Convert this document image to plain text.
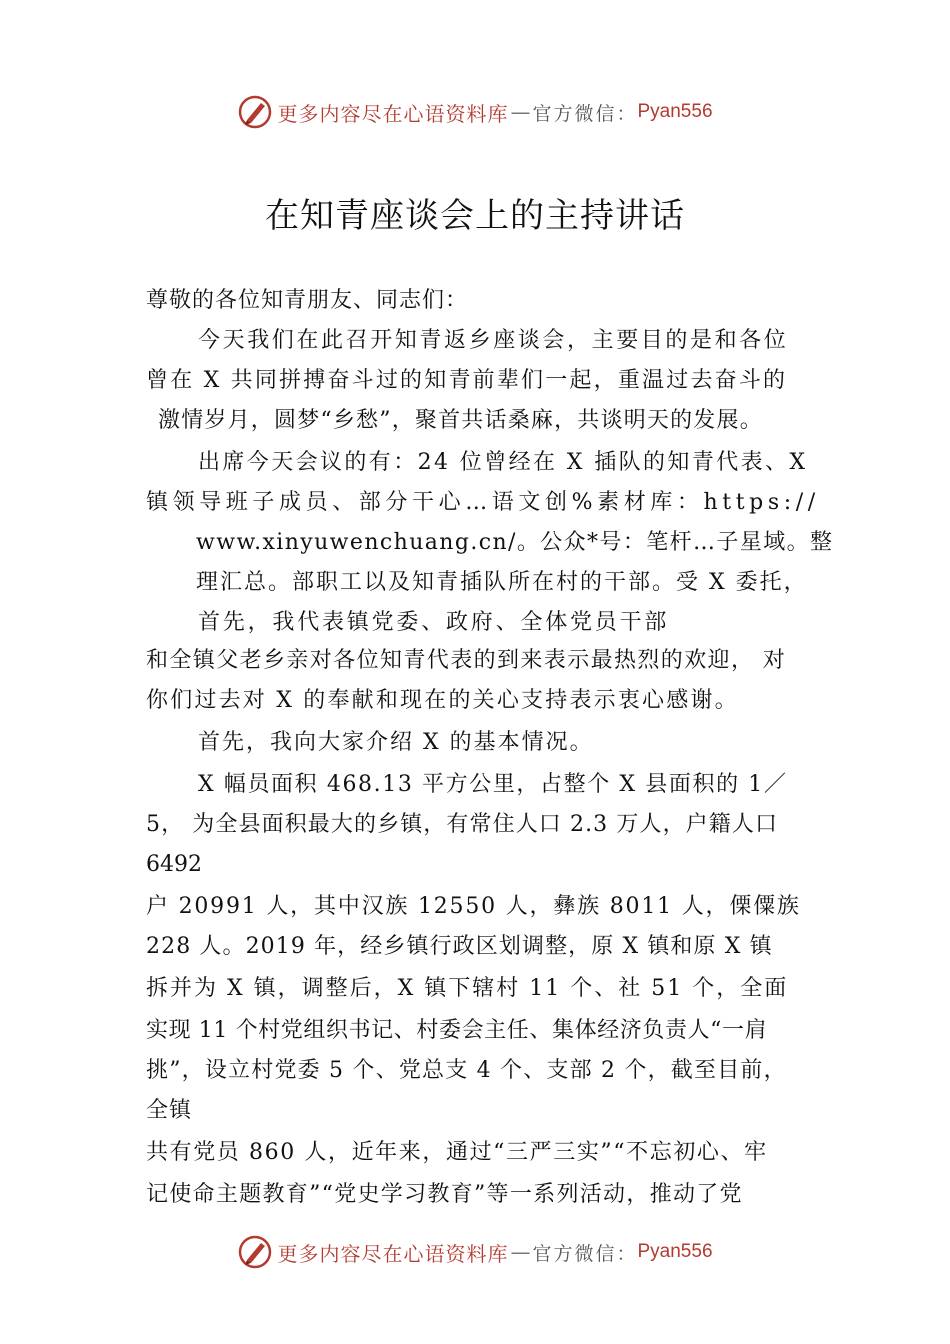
更多内容尽在心语资料库 — 官方微信： Pyan556
在知青座谈会上的主持讲话
尊敬的各位知青朋友、同志们：
今天我们在此召开知青返乡座谈会，主要目的是和各位
曾在 X 共同拼搏奋斗过的知青前辈们一起，重温过去奋斗的
激情岁月，圆梦“乡愁”，聚首共话桑麻，共谈明天的发展。
出席今天会议的有：24 位曾经在 X 插队的知青代表、X
镇领导班子成员、部分干心…语文创%素材库：https://
www.xinyuwenchuang.cn/。公众*号：笔杆…子星域。整
理汇总。部职工以及知青插队所在村的干部。受 X 委托，
首先，我代表镇党委、政府、全体党员干部
和全镇父老乡亲对各位知青代表的到来表示最热烈的欢迎， 对
你们过去对 X 的奉献和现在的关心支持表示衷心感谢。
首先，我向大家介绍 X 的基本情况。
X 幅员面积 468.13 平方公里，占整个 X 县面积的 1／
5， 为全县面积最大的乡镇，有常住人口 2.3 万人，户籍人口
6492
户 20991 人，其中汉族 12550 人，彝族 8011 人，傈僳族
228 人。2019 年，经乡镇行政区划调整，原 X 镇和原 X 镇
拆并为 X 镇，调整后，X 镇下辖村 11 个、社 51 个，全面
实现 11 个村党组织书记、村委会主任、集体经济负责人“一肩
挑”，设立村党委 5 个、党总支 4 个、支部 2 个，截至目前，
全镇
共有党员 860 人，近年来，通过“三严三实”“不忘初心、牢
记使命主题教育”“党史学习教育”等一系列活动，推动了党
更多内容尽在心语资料库 — 官方微信： Pyan556
